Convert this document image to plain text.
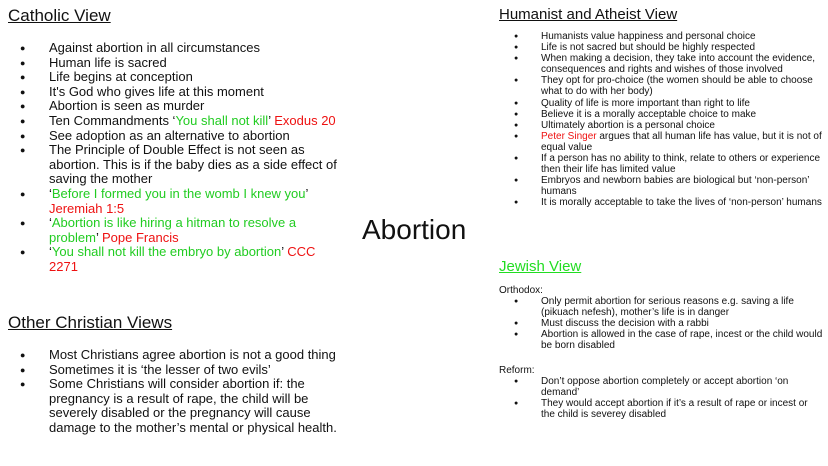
Catholic View
● Against abortion in all circumstances
● Human life is sacred
● Life begins at conception
● It's God who gives life at this moment
● Abortion is seen as murder
● Ten Commandments ‘You shall not kill’ Exodus 20
● See adoption as an alternative to abortion
● The Principle of Double Effect is not seen as abortion. This is if the baby dies as a side effect of saving the mother
● ‘Before I formed you in the womb I knew you’ Jeremiah 1:5
● ‘Abortion is like hiring a hitman to resolve a problem’ Pope Francis
● ‘You shall not kill the embryo by abortion’ CCC 2271
Other Christian Views
● Most Christians agree abortion is not a good thing
● Sometimes it is ‘the lesser of two evils’
● Some Christians will consider abortion if: the pregnancy is a result of rape, the child will be severely disabled or the pregnancy will cause damage to the mother’s mental or physical health.
Abortion
Humanist and Atheist View
● Humanists value happiness and personal choice
● Life is not sacred but should be highly respected
● When making a decision, they take into account the evidence, consequences and rights and wishes of those involved
● They opt for pro-choice (the women should be able to choose what to do with her body)
● Quality of life is more important than right to life
● Believe it is a morally acceptable choice to make
● Ultimately abortion is a personal choice
● Peter Singer argues that all human life has value, but it is not of equal value
● If a person has no ability to think, relate to others or experience then their life has limited value
● Embryos and newborn babies are biological but ‘non-person’ humans
● It is morally acceptable to take the lives of ‘non-person’ humans
Jewish View
Orthodox:
● Only permit abortion for serious reasons e.g. saving a life (pikuach nefesh), mother’s life is in danger
● Must discuss the decision with a rabbi
● Abortion is allowed in the case of rape, incest or the child would be born disabled
Reform:
● Don’t oppose abortion completely or accept abortion ‘on demand’
● They would accept abortion if it’s a result of rape or incest or the child is severey disabled
